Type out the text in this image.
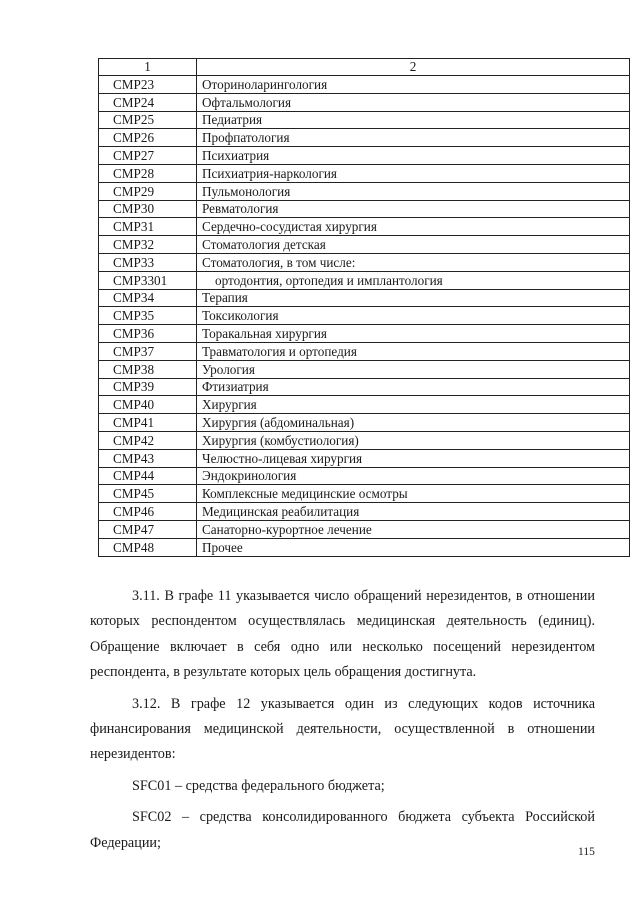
1	2
СМР23	Оториноларингология
СМР24	Офтальмология
СМР25	Педиатрия
СМР26	Профпатология
СМР27	Психиатрия
СМР28	Психиатрия-наркология
СМР29	Пульмонология
СМР30	Ревматология
СМР31	Сердечно-сосудистая хирургия
СМР32	Стоматология детская
СМР33	Стоматология, в том числе:
СМР3301	ортодонтия, ортопедия и имплантология
СМР34	Терапия
СМР35	Токсикология
СМР36	Торакальная хирургия
СМР37	Травматология и ортопедия
СМР38	Урология
СМР39	Фтизиатрия
СМР40	Хирургия
СМР41	Хирургия (абдоминальная)
СМР42	Хирургия (комбустиология)
СМР43	Челюстно-лицевая хирургия
СМР44	Эндокринология
СМР45	Комплексные медицинские осмотры
СМР46	Медицинская реабилитация
СМР47	Санаторно-курортное лечение
СМР48	Прочее

3.11. В графе 11 указывается число обращений нерезидентов, в отношении которых респондентом осуществлялась медицинская деятельность (единиц). Обращение включает в себя одно или несколько посещений нерезидентом респондента, в результате которых цель обращения достигнута.

3.12. В графе 12 указывается один из следующих кодов источника финансирования медицинской деятельности, осуществленной в отношении нерезидентов:

SFC01 – средства федерального бюджета;

SFC02 – средства консолидированного бюджета субъекта Российской Федерации;

115
